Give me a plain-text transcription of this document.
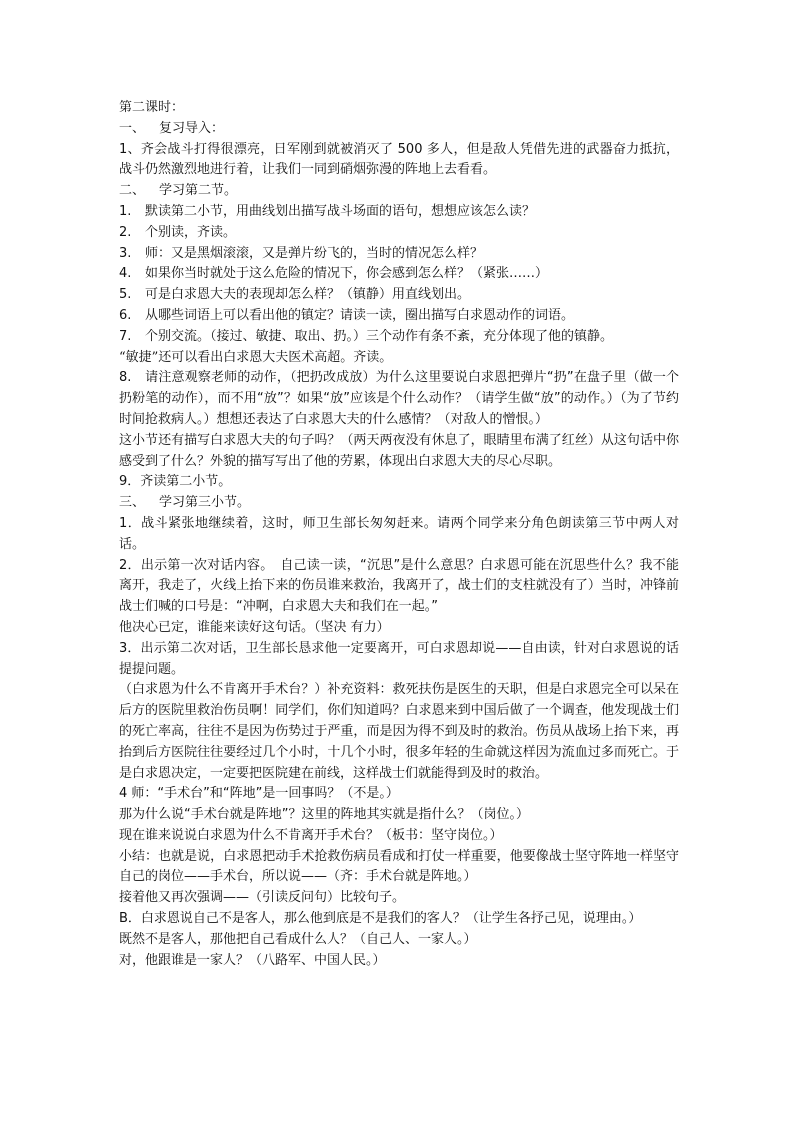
第二课时：
一、 复习导入：
1、齐会战斗打得很漂亮，日军刚到就被消灭了 500 多人，但是敌人凭借先进的武器奋力抵抗，战斗仍然激烈地进行着，让我们一同到硝烟弥漫的阵地上去看看。
二、 学习第二节。
1. 默读第二小节，用曲线划出描写战斗场面的语句，想想应该怎么读？
2. 个别读，齐读。
3. 师：又是黑烟滚滚，又是弹片纷飞的，当时的情况怎么样？
4. 如果你当时就处于这么危险的情况下，你会感到怎么样？（紧张……）
5. 可是白求恩大夫的表现却怎么样？（镇静）用直线划出。
6. 从哪些词语上可以看出他的镇定？请读一读，圈出描写白求恩动作的词语。
7. 个别交流。（接过、敏捷、取出、扔。）三个动作有条不紊，充分体现了他的镇静。
“敏捷”还可以看出白求恩大夫医术高超。齐读。
8. 请注意观察老师的动作，（把扔改成放）为什么这里要说白求恩把弹片“扔”在盘子里（做一个扔粉笔的动作），而不用“放”？如果“放”应该是个什么动作？（请学生做“放”的动作。）（为了节约时间抢救病人。）想想还表达了白求恩大夫的什么感情？（对敌人的憎恨。）
这小节还有描写白求恩大夫的句子吗？（两天两夜没有休息了，眼睛里布满了红丝）从这句话中你感受到了什么？外貌的描写写出了他的劳累，体现出白求恩大夫的尽心尽职。
9．齐读第二小节。
三、 学习第三小节。
1．战斗紧张地继续着，这时，师卫生部长匆匆赶来。请两个同学来分角色朗读第三节中两人对话。
2．出示第一次对话内容。　自己读一读，“沉思”是什么意思？白求恩可能在沉思些什么？我不能离开，我走了，火线上抬下来的伤员谁来救治，我离开了，战士们的支柱就没有了）当时，冲锋前战士们喊的口号是：“冲啊，白求恩大夫和我们在一起。”
他决心已定，谁能来读好这句话。（坚决 有力）
3．出示第二次对话，卫生部长恳求他一定要离开，可白求恩却说——自由读，针对白求恩说的话提提问题。
（白求恩为什么不肯离开手术台？）补充资料：救死扶伤是医生的天职，但是白求恩完全可以呆在后方的医院里救治伤员啊！同学们，你们知道吗？白求恩来到中国后做了一个调查，他发现战士们的死亡率高，往往不是因为伤势过于严重，而是因为得不到及时的救治。伤员从战场上抬下来，再抬到后方医院往往要经过几个小时，十几个小时，很多年轻的生命就这样因为流血过多而死亡。于是白求恩决定，一定要把医院建在前线，这样战士们就能得到及时的救治。
4 师：“手术台”和“阵地”是一回事吗？（不是。）
那为什么说“手术台就是阵地”？这里的阵地其实就是指什么？（岗位。）
现在谁来说说白求恩为什么不肯离开手术台？（板书：坚守岗位。）
小结：也就是说，白求恩把动手术抢救伤病员看成和打仗一样重要，他要像战士坚守阵地一样坚守自己的岗位——手术台，所以说——（齐：手术台就是阵地。）
接着他又再次强调——（引读反问句）比较句子。
B．白求恩说自己不是客人，那么他到底是不是我们的客人？（让学生各抒己见，说理由。）
既然不是客人，那他把自己看成什么人？（自己人、一家人。）
对，他跟谁是一家人？（八路军、中国人民。）
